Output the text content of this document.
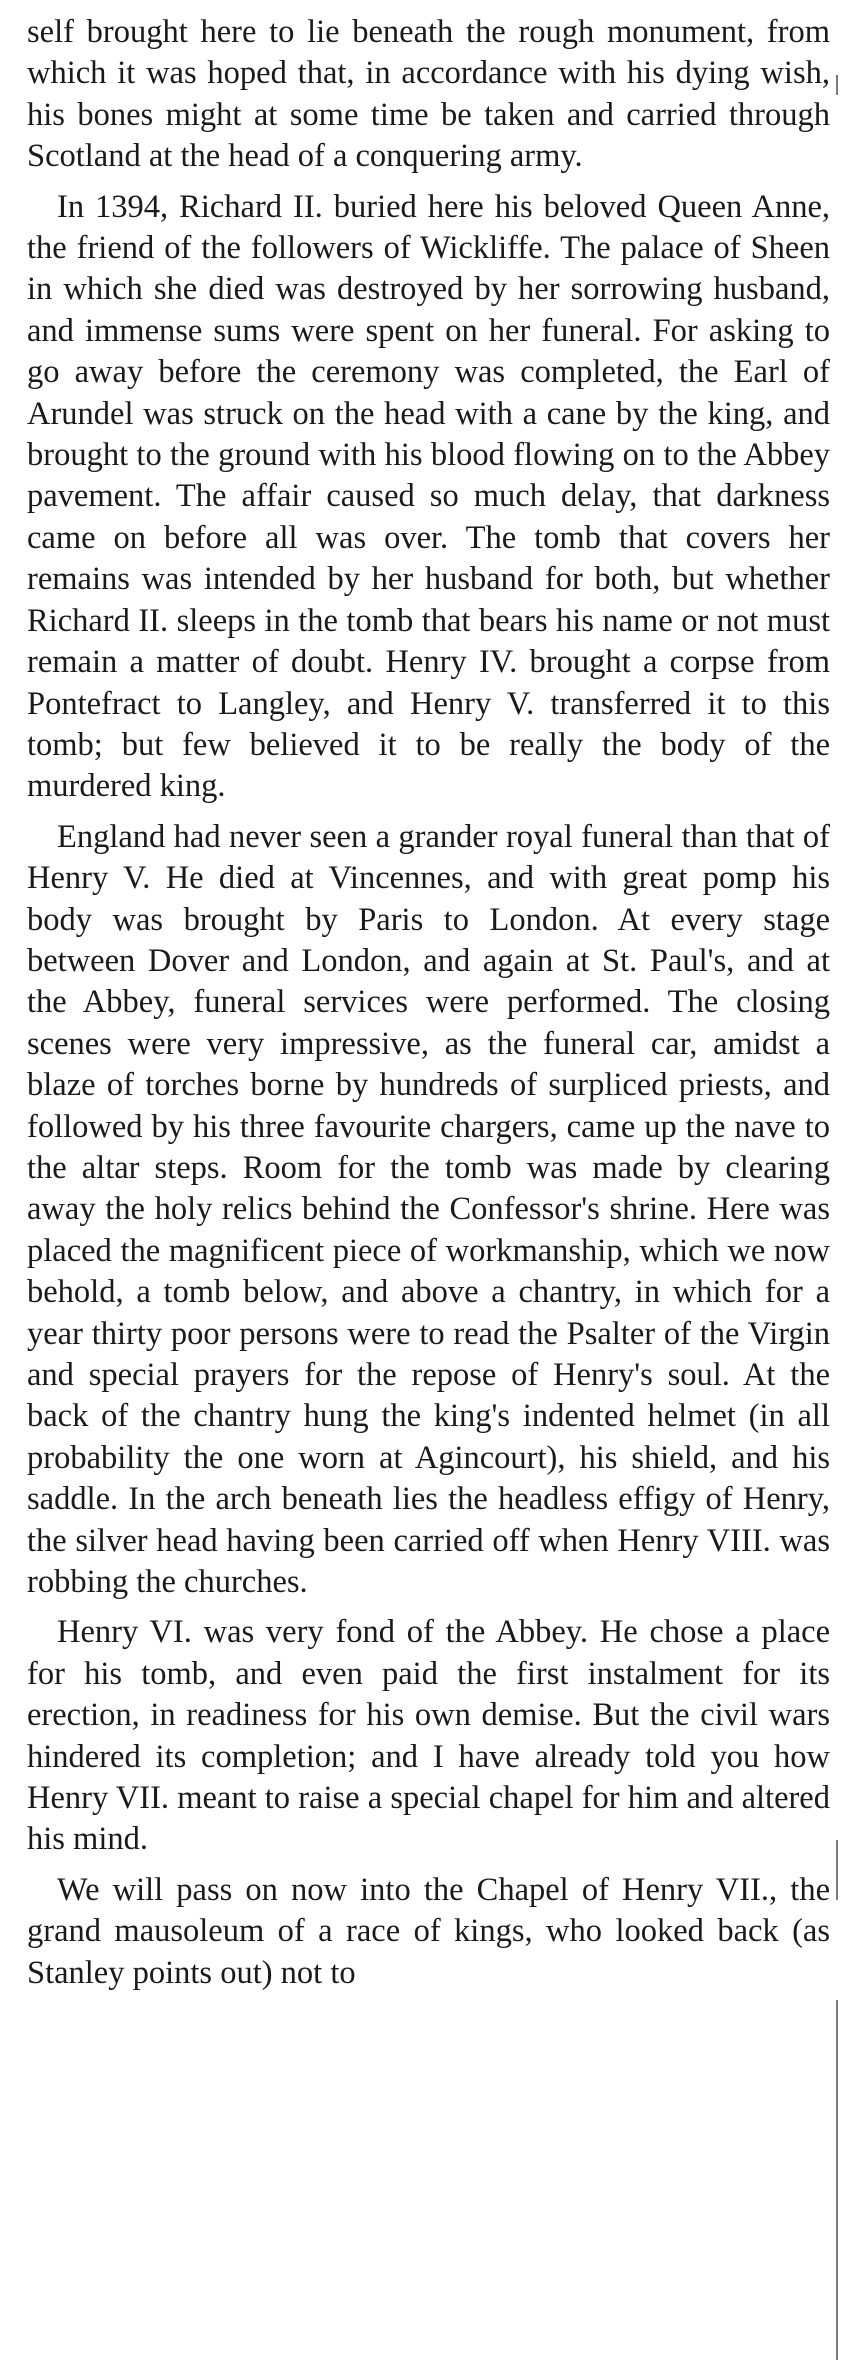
self brought here to lie beneath the rough monument, from which it was hoped that, in accordance with his dying wish, his bones might at some time be taken and carried through Scotland at the head of a conquering army.

In 1394, Richard II. buried here his beloved Queen Anne, the friend of the followers of Wickliffe. The palace of Sheen in which she died was destroyed by her sorrowing husband, and immense sums were spent on her funeral. For asking to go away before the ceremony was completed, the Earl of Arundel was struck on the head with a cane by the king, and brought to the ground with his blood flowing on to the Abbey pavement. The affair caused so much delay, that darkness came on before all was over. The tomb that covers her remains was intended by her husband for both, but whether Richard II. sleeps in the tomb that bears his name or not must remain a matter of doubt. Henry IV. brought a corpse from Pontefract to Langley, and Henry V. transferred it to this tomb; but few believed it to be really the body of the murdered king.

England had never seen a grander royal funeral than that of Henry V. He died at Vincennes, and with great pomp his body was brought by Paris to London. At every stage between Dover and London, and again at St. Paul's, and at the Abbey, funeral services were performed. The closing scenes were very impressive, as the funeral car, amidst a blaze of torches borne by hundreds of surpliced priests, and followed by his three favourite chargers, came up the nave to the altar steps. Room for the tomb was made by clearing away the holy relics behind the Confessor's shrine. Here was placed the magnificent piece of workmanship, which we now behold, a tomb below, and above a chantry, in which for a year thirty poor persons were to read the Psalter of the Virgin and special prayers for the repose of Henry's soul. At the back of the chantry hung the king's indented helmet (in all probability the one worn at Agincourt), his shield, and his saddle. In the arch beneath lies the headless effigy of Henry, the silver head having been carried off when Henry VIII. was robbing the churches.

Henry VI. was very fond of the Abbey. He chose a place for his tomb, and even paid the first instalment for its erection, in readiness for his own demise. But the civil wars hindered its completion; and I have already told you how Henry VII. meant to raise a special chapel for him and altered his mind.

We will pass on now into the Chapel of Henry VII., the grand mausoleum of a race of kings, who looked back (as Stanley points out) not to
